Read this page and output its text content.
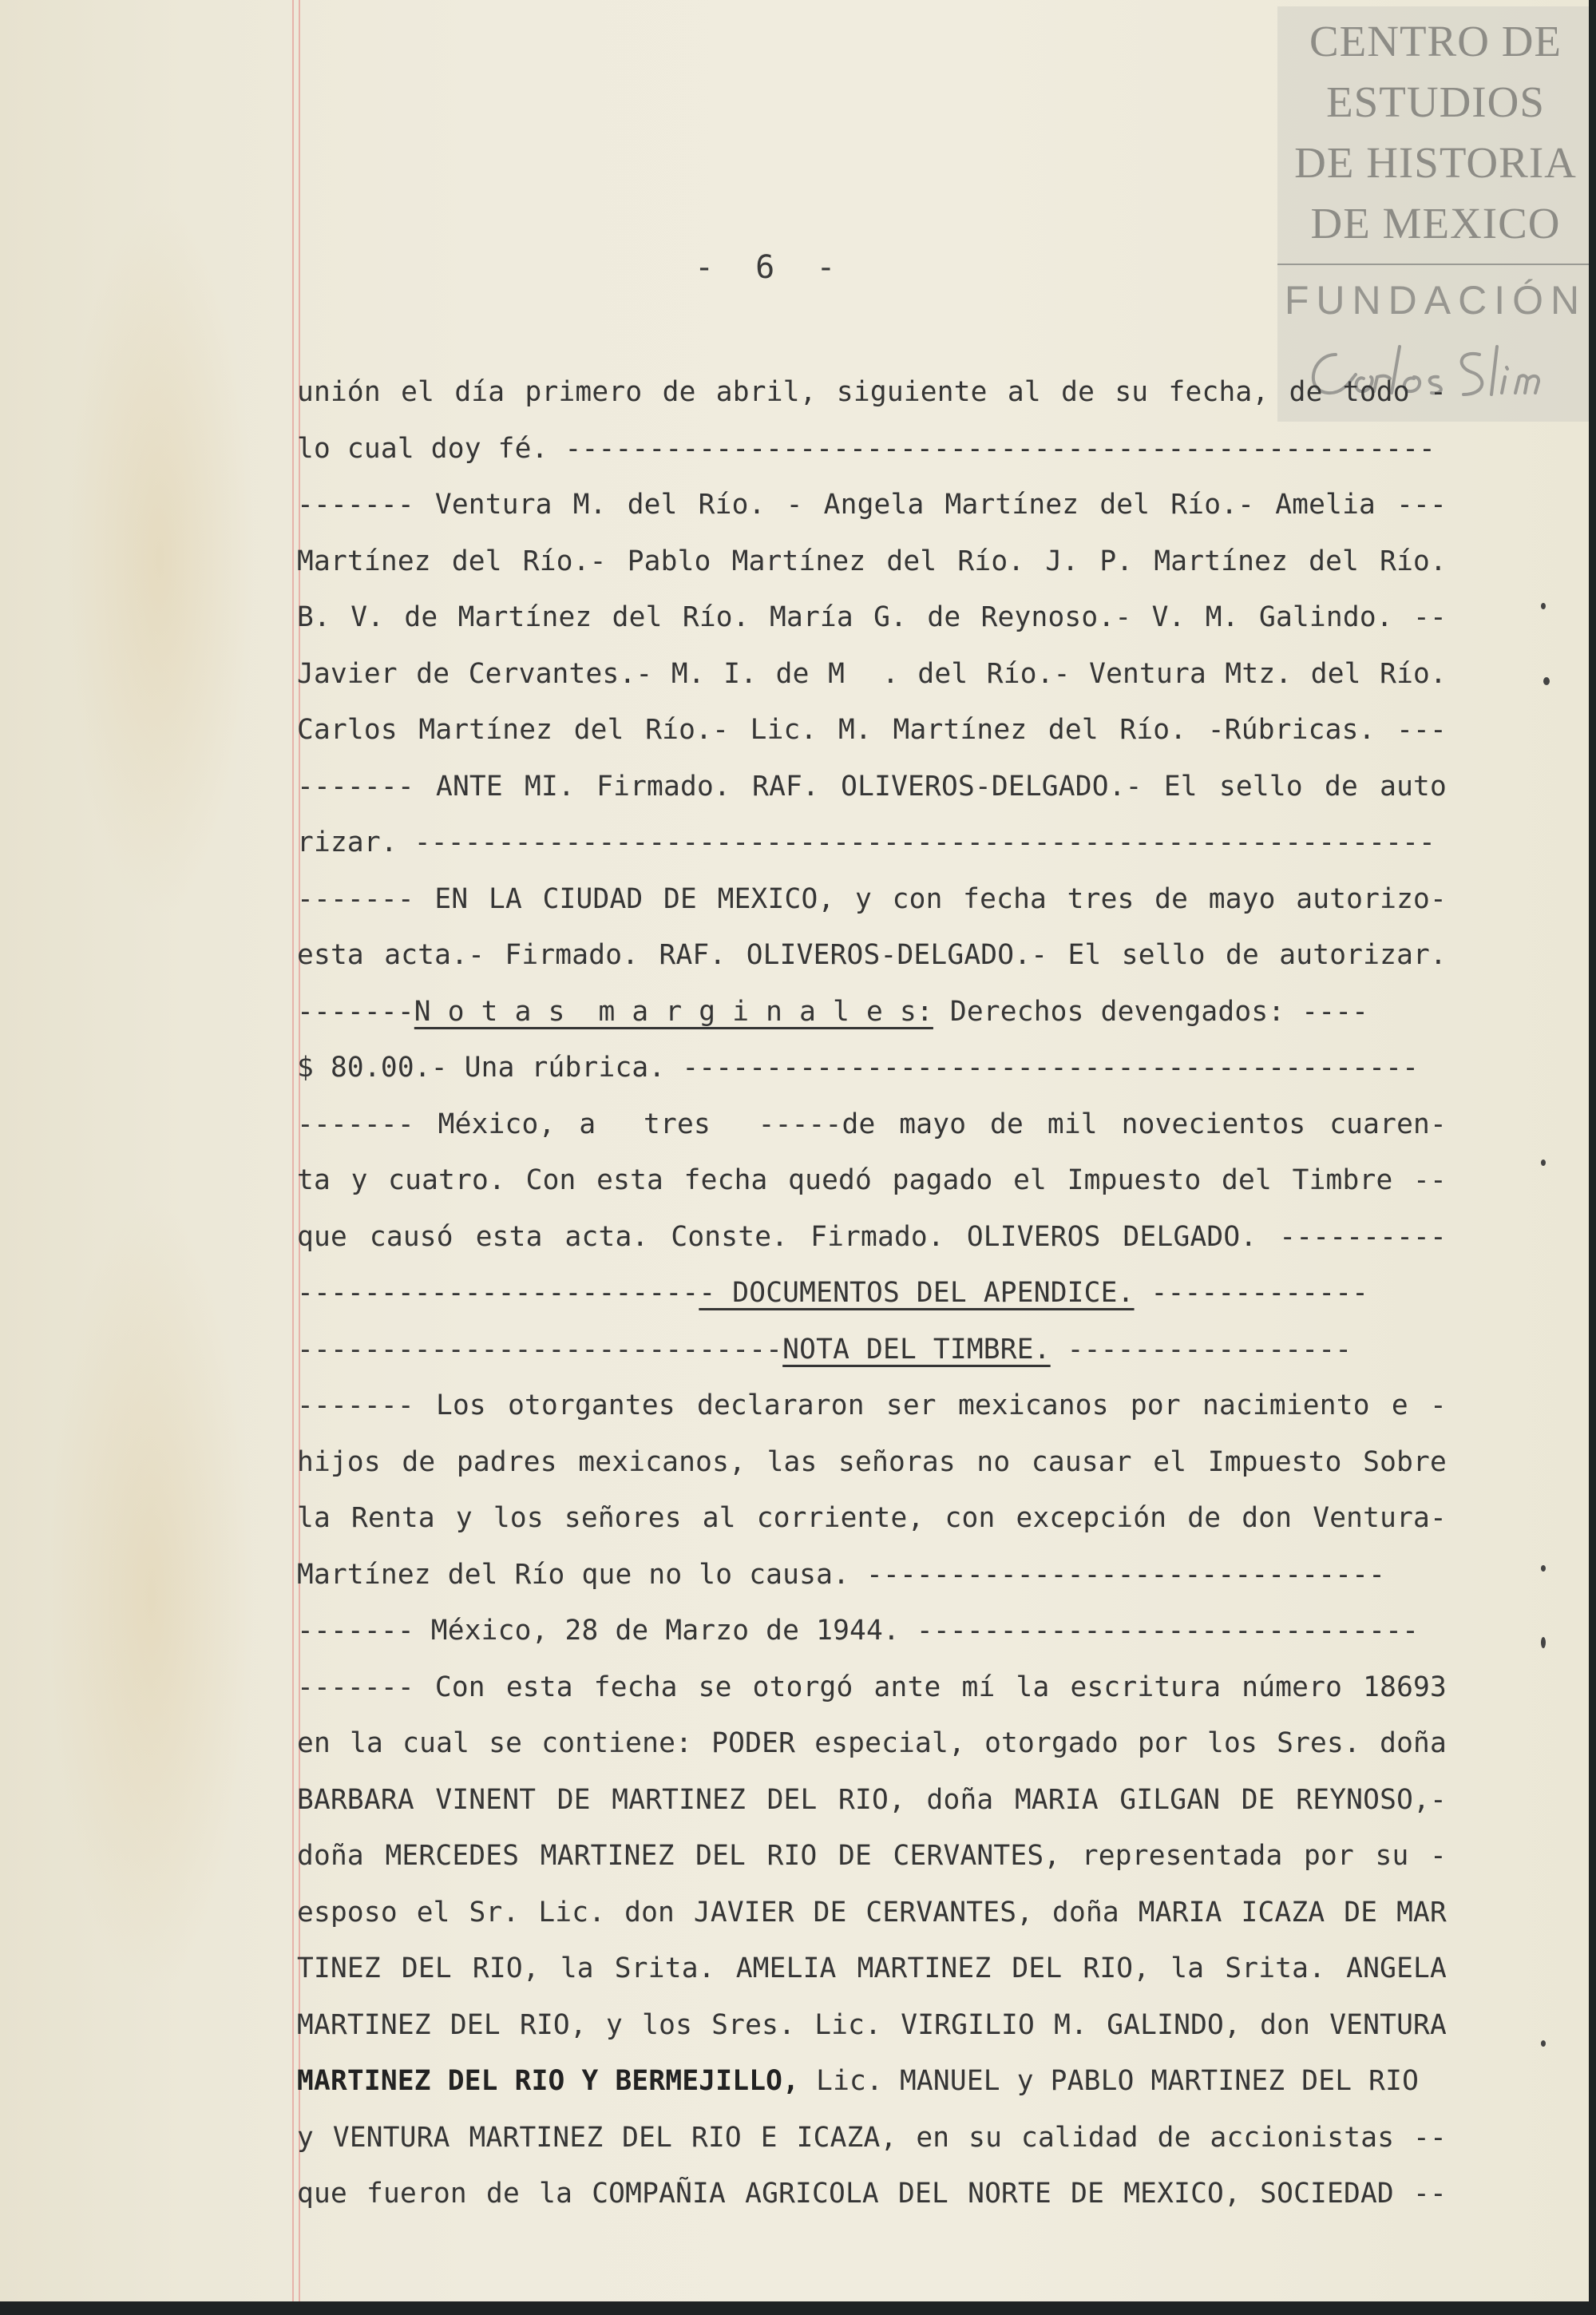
CENTRO DE
ESTUDIOS
DE HISTORIA
DE MEXICO
FUNDACIÓN
- 6 -
unión el día primero de abril, siguiente al de su fecha, de todo -
lo cual doy fé. ----------------------------------------------------
------- Ventura M. del Río. - Angela Martínez del Río.- Amelia ---
Martínez del Río.- Pablo Martínez del Río. J. P. Martínez del Río.
B. V. de Martínez del Río. María G. de Reynoso.- V. M. Galindo. --
Javier de Cervantes.- M. I. de M  . del Río.- Ventura Mtz. del Río.
Carlos Martínez del Río.- Lic. M. Martínez del Río. -Rúbricas. ---
------- ANTE MI. Firmado. RAF. OLIVEROS-DELGADO.- El sello de auto
rizar. -------------------------------------------------------------
------- EN LA CIUDAD DE MEXICO, y con fecha tres de mayo autorizo-
esta acta.- Firmado. RAF. OLIVEROS-DELGADO.- El sello de autorizar.
-------N o t a s  m a r g i n a l e s: Derechos devengados: ----
$ 80.00.- Una rúbrica. --------------------------------------------
------- México, a  tres  -----de mayo de mil novecientos cuaren-
ta y cuatro. Con esta fecha quedó pagado el Impuesto del Timbre --
que causó esta acta. Conste. Firmado. OLIVEROS DELGADO. ----------
------------------------- DOCUMENTOS DEL APENDICE. -------------
-----------------------------NOTA DEL TIMBRE. -----------------
------- Los otorgantes declararon ser mexicanos por nacimiento e -
hijos de padres mexicanos, las señoras no causar el Impuesto Sobre
la Renta y los señores al corriente, con excepción de don Ventura-
Martínez del Río que no lo causa. -------------------------------
------- México, 28 de Marzo de 1944. ------------------------------
------- Con esta fecha se otorgó ante mí la escritura número 18693
en la cual se contiene: PODER especial, otorgado por los Sres. doña
BARBARA VINENT DE MARTINEZ DEL RIO, doña MARIA GILGAN DE REYNOSO,-
doña MERCEDES MARTINEZ DEL RIO DE CERVANTES, representada por su -
esposo el Sr. Lic. don JAVIER DE CERVANTES, doña MARIA ICAZA DE MAR
TINEZ DEL RIO, la Srita. AMELIA MARTINEZ DEL RIO, la Srita. ANGELA
MARTINEZ DEL RIO, y los Sres. Lic. VIRGILIO M. GALINDO, don VENTURA
MARTINEZ DEL RIO Y BERMEJILLO, Lic. MANUEL y PABLO MARTINEZ DEL RIO
y VENTURA MARTINEZ DEL RIO E ICAZA, en su calidad de accionistas --
que fueron de la COMPAÑIA AGRICOLA DEL NORTE DE MEXICO, SOCIEDAD --
